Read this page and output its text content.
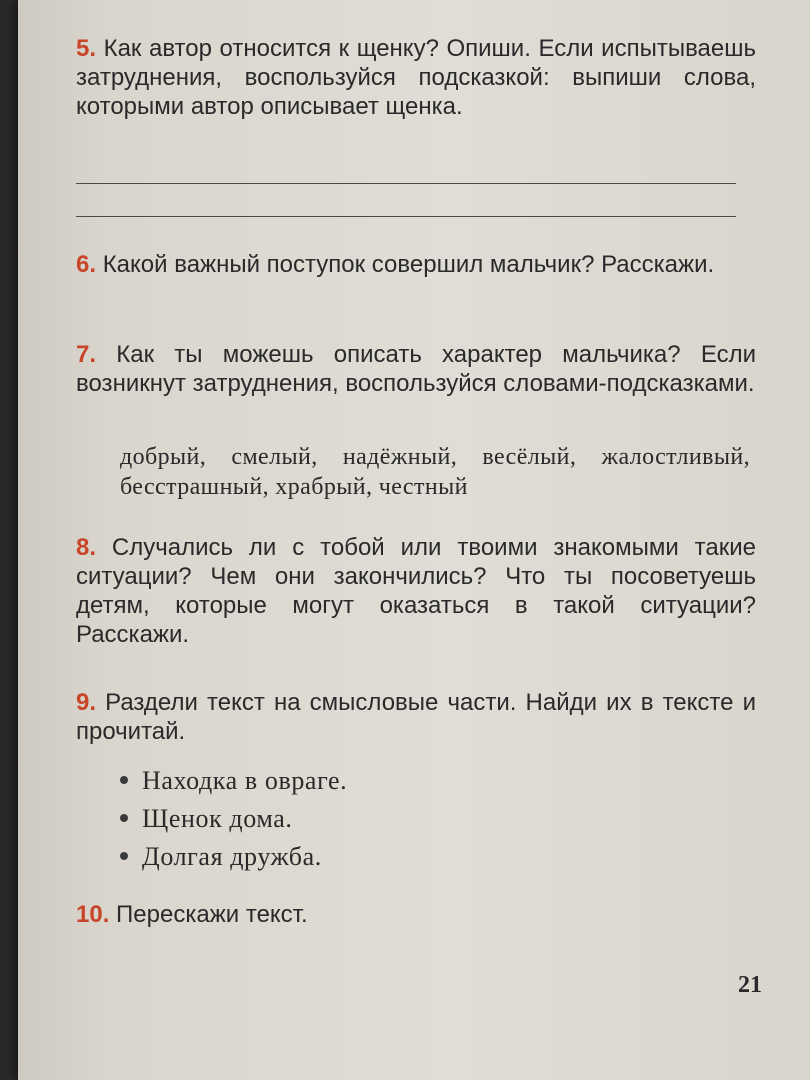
5. Как автор относится к щенку? Опиши. Если испытываешь затруднения, воспользуйся подсказкой: выпиши слова, которыми автор описывает щенка.
6. Какой важный поступок совершил мальчик? Расскажи.
7. Как ты можешь описать характер мальчика? Если возникнут затруднения, воспользуйся словами-подсказками.
добрый, смелый, надёжный, весёлый, жалостливый, бесстрашный, храбрый, честный
8. Случались ли с тобой или твоими знакомыми такие ситуации? Чем они закончились? Что ты посоветуешь детям, которые могут оказаться в такой ситуации? Расскажи.
9. Раздели текст на смысловые части. Найди их в тексте и прочитай.
Находка в овраге.
Щенок дома.
Долгая дружба.
10. Перескажи текст.
21
